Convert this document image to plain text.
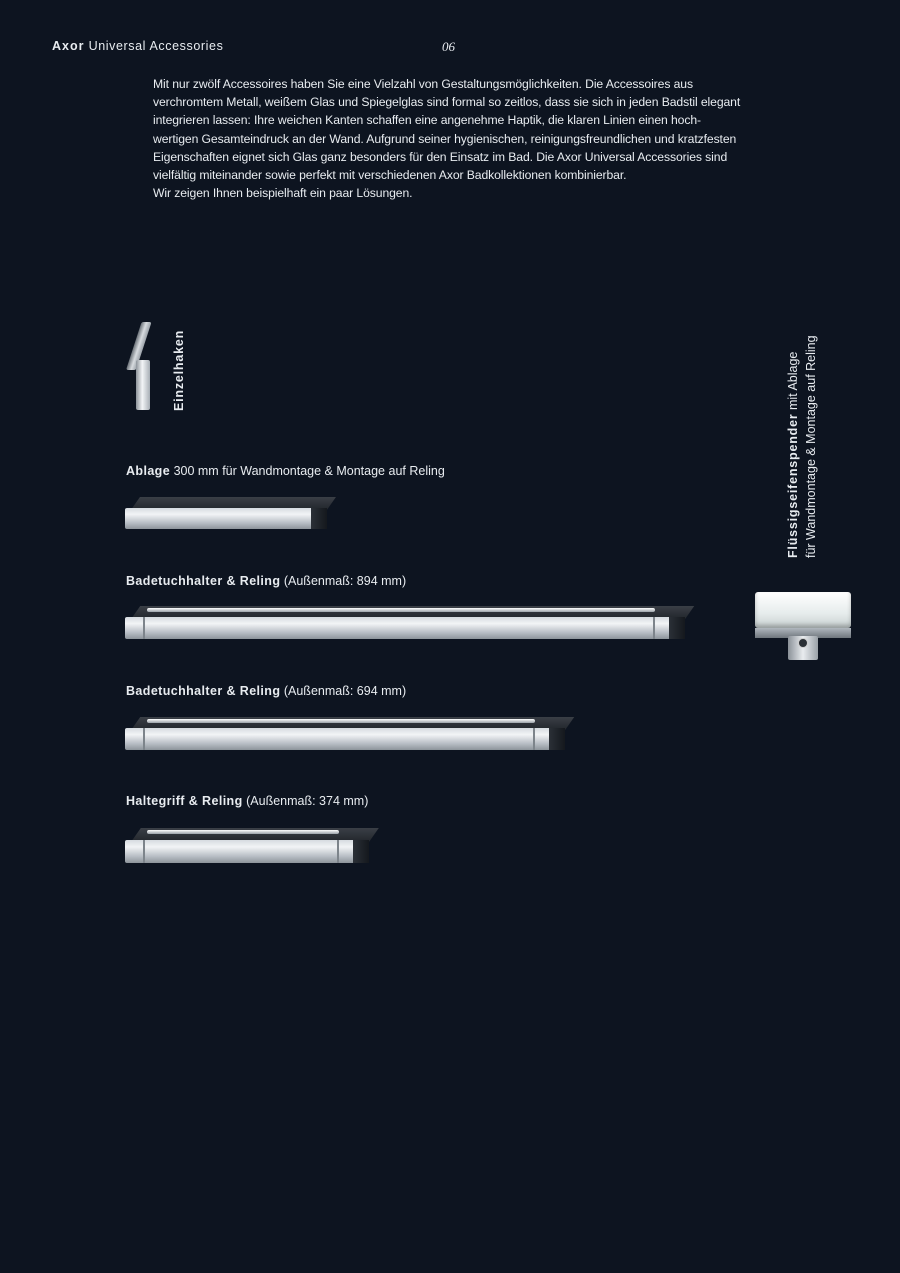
Axor Universal Accessories	06

Mit nur zwölf Accessoires haben Sie eine Vielzahl von Gestaltungsmöglichkeiten. Die Accessoires aus

verchromtem Metall, weißem Glas und Spiegelglas sind formal so zeitlos, dass sie sich in jeden Badstil elegant

integrieren lassen: Ihre weichen Kanten schaffen eine angenehme Haptik, die klaren Linien einen hoch-

wertigen Gesamteindruck an der Wand. Aufgrund seiner hygienischen, reinigungsfreundlichen und kratzfesten

Eigenschaften eignet sich Glas ganz besonders für den Einsatz im Bad. Die Axor Universal Accessories sind

vielfältig miteinander sowie perfekt mit verschiedenen Axor Badkollektionen kombinierbar.

Wir zeigen Ihnen beispielhaft ein paar Lösungen.

Einzelhaken
Ablage 300 mm für Wandmontage & Montage auf Reling
Badetuchhalter & Reling (Außenmaß: 894 mm)
Badetuchhalter & Reling (Außenmaß: 694 mm)
Haltegriff & Reling (Außenmaß: 374 mm)
Flüssigseifenspender mit Ablage für Wandmontage & Montage auf Reling
